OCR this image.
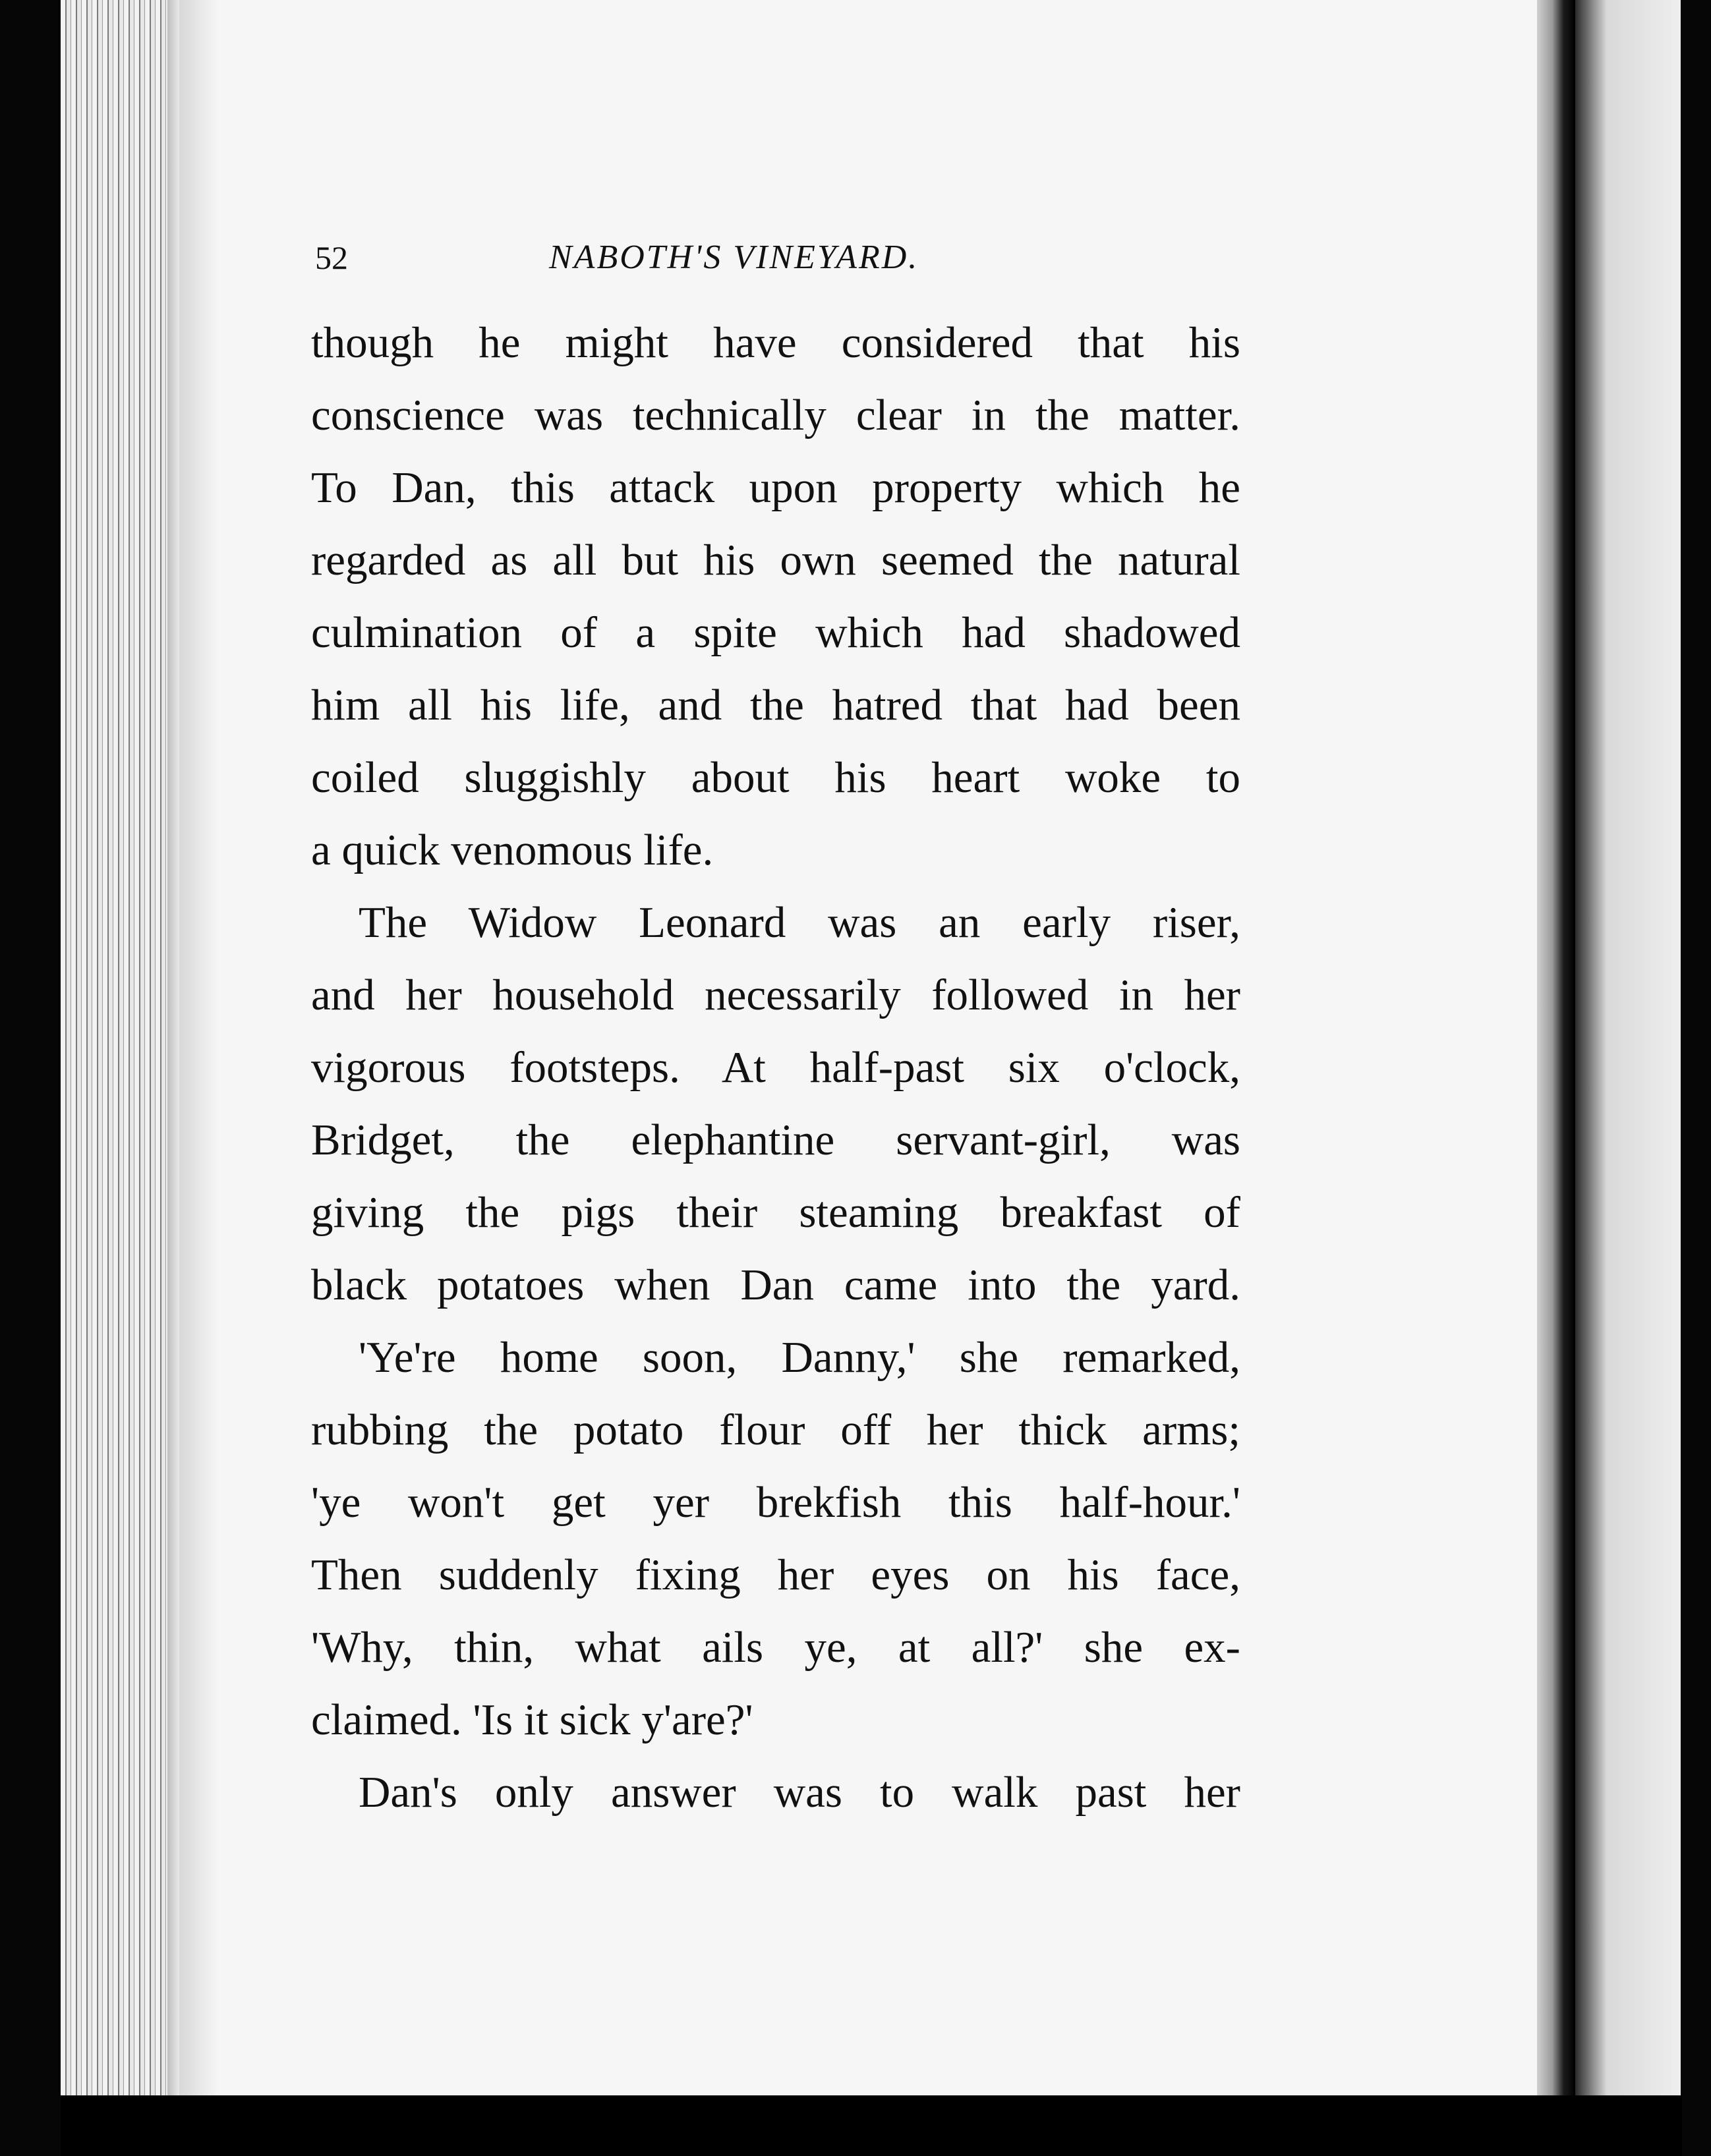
52	NABOTH'S VINEYARD.
though he might have considered that his
conscience was technically clear in the matter.
To Dan, this attack upon property which he
regarded as all but his own seemed the natural
culmination of a spite which had shadowed
him all his life, and the hatred that had been
coiled sluggishly about his heart woke to
a quick venomous life.
The Widow Leonard was an early riser,
and her household necessarily followed in her
vigorous footsteps. At half-past six o'clock,
Bridget, the elephantine servant-girl, was
giving the pigs their steaming breakfast of
black potatoes when Dan came into the yard.
'Ye're home soon, Danny,' she remarked,
rubbing the potato flour off her thick arms;
'ye won't get yer brekfish this half-hour.'
Then suddenly fixing her eyes on his face,
'Why, thin, what ails ye, at all?' she ex-
claimed. 'Is it sick y'are?'
Dan's only answer was to walk past her
